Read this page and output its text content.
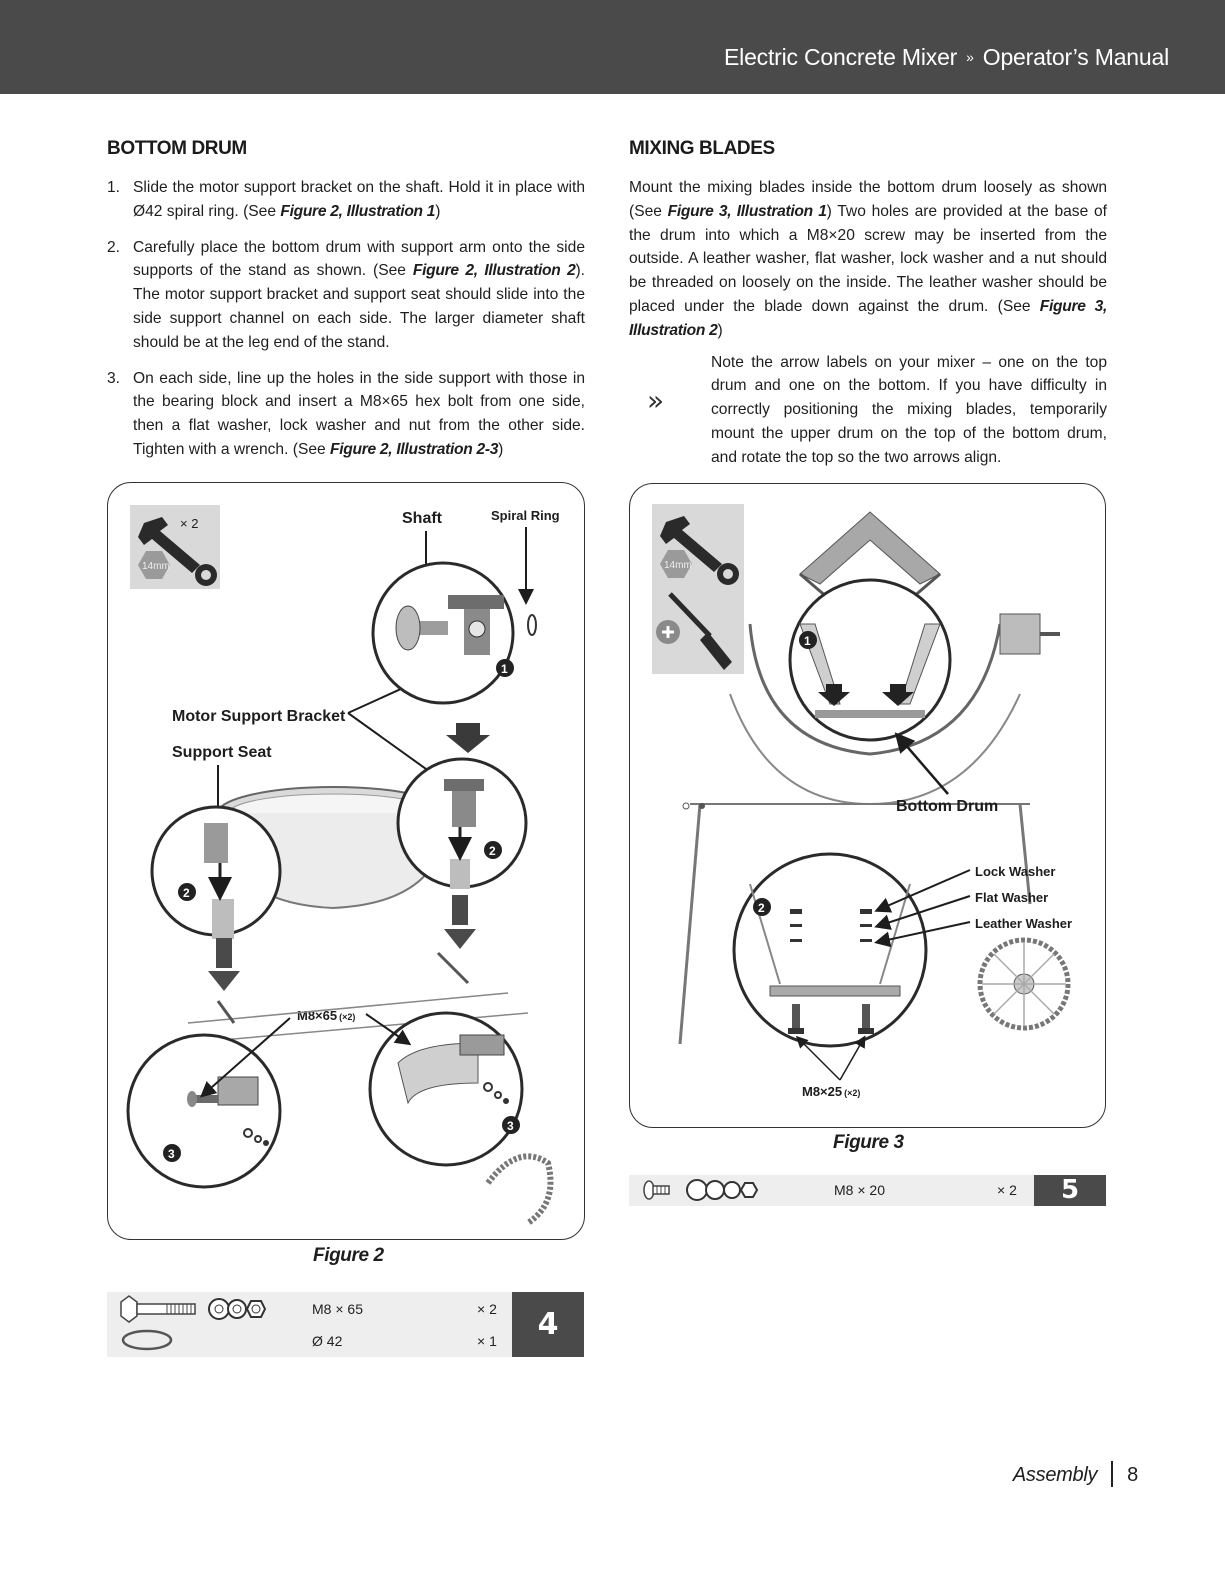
Electric Concrete Mixer » Operator’s Manual
BOTTOM DRUM
1. Slide the motor support bracket on the shaft. Hold it in place with Ø42 spiral ring. (See Figure 2, Illustration 1)
2. Carefully place the bottom drum with support arm onto the side supports of the stand as shown. (See Figure 2, Illustration 2). The motor support bracket and support seat should slide into the side support channel on each side. The larger diameter shaft should be at the leg end of the stand.
3. On each side, line up the holes in the side support with those in the bearing block and insert a M8×65 hex bolt from one side, then a flat washer, lock washer and nut from the other side. Tighten with a wrench. (See Figure 2, Illustration 2-3)
MIXING BLADES

Mount the mixing blades inside the bottom drum loosely as shown (See Figure 3, Illustration 1) Two holes are provided at the base of the drum into which a M8×20 screw may be inserted from the outside. A leather washer, flat washer, lock washer and a nut should be threaded on loosely on the inside. The leather washer should be placed under the blade down against the drum. (See Figure 3, Illustration 2)

»
Note the arrow labels on your mixer – one on the top drum and one on the bottom. If you have difficulty in correctly positioning the mixing blades, temporarily mount the upper drum on the top of the bottom drum, and rotate the top so the two arrows align.
× 2
14mm
Shaft	Spiral Ring
Motor Support Bracket
Support Seat
M8×65 (×2)
1
2
2
3
3
Figure 2
14mm
1
Bottom Drum
2
Lock Washer
Flat Washer
Leather Washer
M8×25 (×2)
Figure 3
M8 × 65	× 2
Ø 42	× 1	4
M8 × 20	× 2	5
Assembly 8
